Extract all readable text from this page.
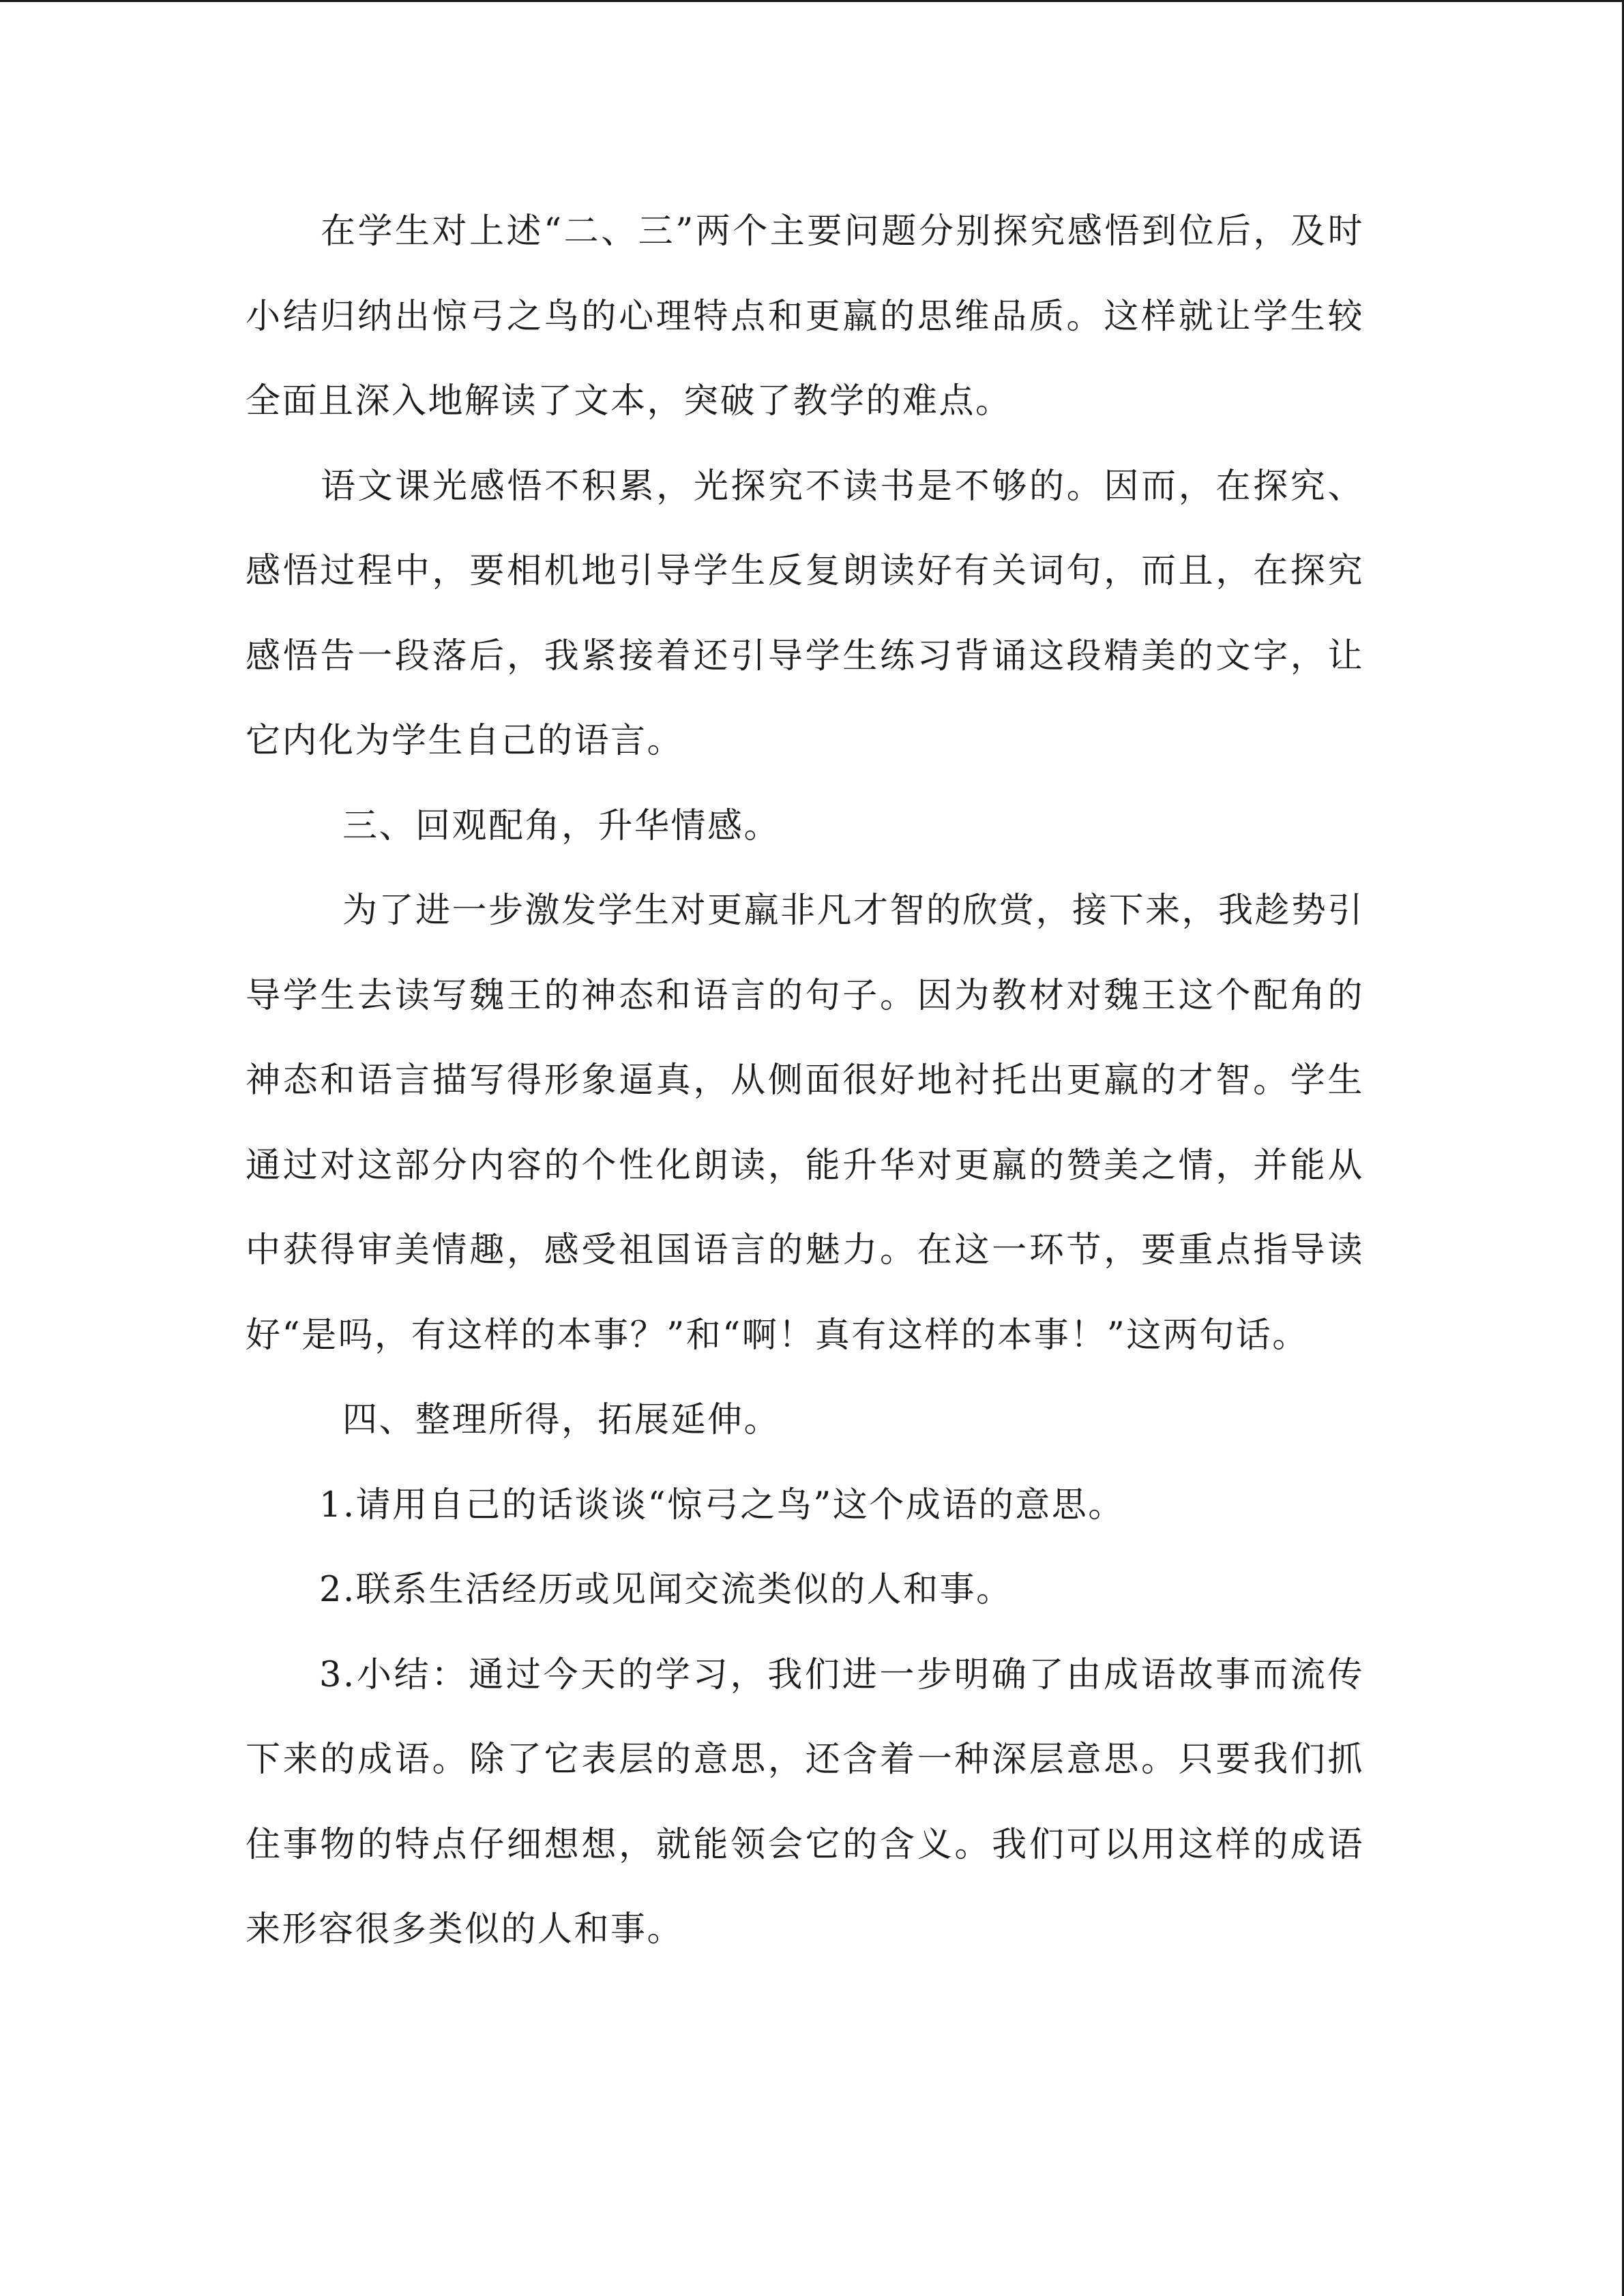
在学生对上述“二、三”两个主要问题分别探究感悟到位后，及时小结归纳出惊弓之鸟的心理特点和更羸的思维品质。这样就让学生较全面且深入地解读了文本，突破了教学的难点。

语文课光感悟不积累，光探究不读书是不够的。因而，在探究、感悟过程中，要相机地引导学生反复朗读好有关词句，而且，在探究感悟告一段落后，我紧接着还引导学生练习背诵这段精美的文字，让它内化为学生自己的语言。

三、回观配角，升华情感。

为了进一步激发学生对更羸非凡才智的欣赏，接下来，我趁势引导学生去读写魏王的神态和语言的句子。因为教材对魏王这个配角的神态和语言描写得形象逼真，从侧面很好地衬托出更羸的才智。学生通过对这部分内容的个性化朗读，能升华对更羸的赞美之情，并能从中获得审美情趣，感受祖国语言的魅力。在这一环节，要重点指导读好“是吗，有这样的本事？”和“啊！真有这样的本事！”这两句话。

四、整理所得，拓展延伸。

1.请用自己的话谈谈“惊弓之鸟”这个成语的意思。

2.联系生活经历或见闻交流类似的人和事。

3.小结：通过今天的学习，我们进一步明确了由成语故事而流传下来的成语。除了它表层的意思，还含着一种深层意思。只要我们抓住事物的特点仔细想想，就能领会它的含义。我们可以用这样的成语来形容很多类似的人和事。
